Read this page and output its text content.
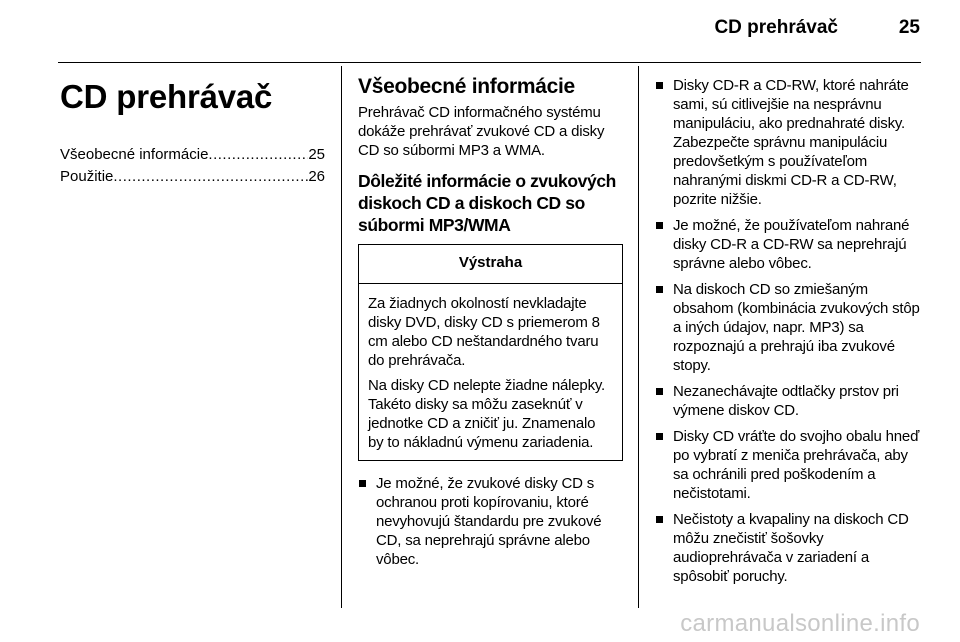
CD prehrávač	25
CD prehrávač
Všeobecné informácie .....	25
Použitie .....	26
Všeobecné informácie
Prehrávač CD informačného systému dokáže prehrávať zvukové CD a disky CD so súbormi MP3 a WMA.
Dôležité informácie o zvukových diskoch CD a diskoch CD so súbormi MP3/WMA
Výstraha

Za žiadnych okolností nevkladajte disky DVD, disky CD s priemerom 8 cm alebo CD neštandardného tvaru do prehrávača.

Na disky CD nelepte žiadne nálepky. Takéto disky sa môžu zaseknúť v jednotke CD a zničiť ju. Znamenalo by to nákladnú výmenu zariadenia.

Je možné, že zvukové disky CD s ochranou proti kopírovaniu, ktoré nevyhovujú štandardu pre zvukové CD, sa neprehrajú správne alebo vôbec.
Disky CD-R a CD-RW, ktoré nahráte sami, sú citlivejšie na nesprávnu manipuláciu, ako prednahraté disky. Zabezpečte správnu manipuláciu predovšetkým s používateľom nahranými diskmi CD-R a CD-RW, pozrite nižšie.
Je možné, že používateľom nahrané disky CD-R a CD-RW sa neprehrajú správne alebo vôbec.
Na diskoch CD so zmiešaným obsahom (kombinácia zvukových stôp a iných údajov, napr. MP3) sa rozpoznajú a prehrajú iba zvukové stopy.
Nezanechávajte odtlačky prstov pri výmene diskov CD.
Disky CD vráťte do svojho obalu hneď po vybratí z meniča prehrávača, aby sa ochránili pred poškodením a nečistotami.
Nečistoty a kvapaliny na diskoch CD môžu znečistiť šošovky audioprehrávača v zariadení a spôsobiť poruchy.
carmanualsonline.info
